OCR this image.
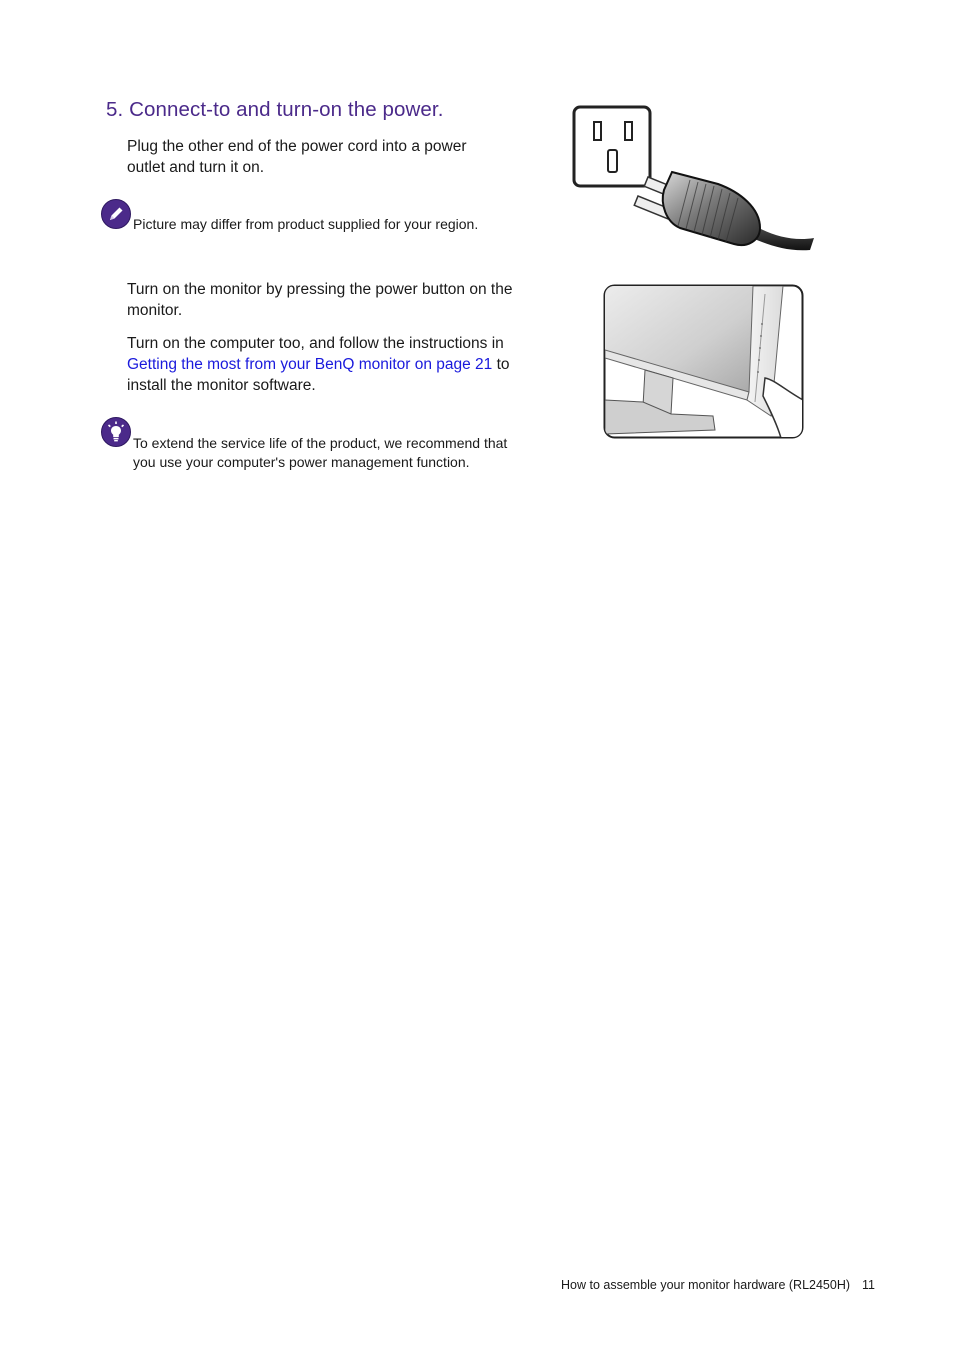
5. Connect-to and turn-on the power.
Plug the other end of the power cord into a power outlet and turn it on.
Picture may differ from product supplied for your region.
Turn on the monitor by pressing the power button on the monitor.
Turn on the computer too, and follow the instructions in Getting the most from your BenQ monitor on page 21 to install the monitor software.
To extend the service life of the product, we recommend that you use your computer's power management function.
How to assemble your monitor hardware (RL2450H) 11
